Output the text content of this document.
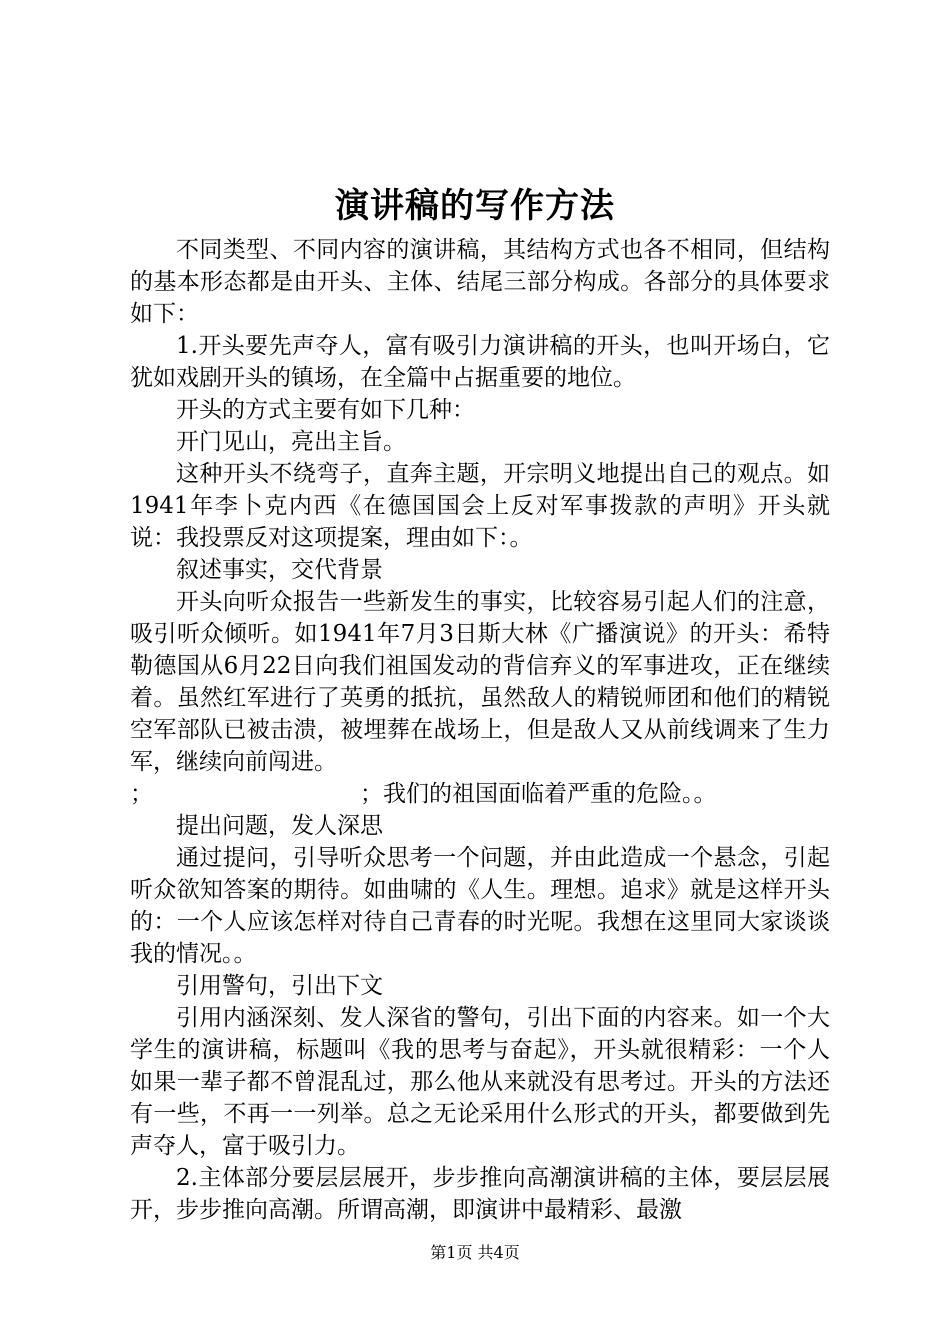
演讲稿的写作方法

不同类型、不同内容的演讲稿，其结构方式也各不相同，但结构的基本形态都是由开头、主体、结尾三部分构成。各部分的具体要求如下：

1.开头要先声夺人，富有吸引力演讲稿的开头，也叫开场白，它犹如戏剧开头的镇场，在全篇中占据重要的地位。

开头的方式主要有如下几种：

开门见山，亮出主旨。

这种开头不绕弯子，直奔主题，开宗明义地提出自己的观点。如1941年李卜克内西《在德国国会上反对军事拨款的声明》开头就说：我投票反对这项提案，理由如下：。

叙述事实，交代背景

开头向听众报告一些新发生的事实，比较容易引起人们的注意，吸引听众倾听。如1941年7月3日斯大林《广播演说》的开头：希特勒德国从6月22日向我们祖国发动的背信弃义的军事进攻，正在继续着。虽然红军进行了英勇的抵抗，虽然敌人的精锐师团和他们的精锐空军部队已被击溃，被埋葬在战场上，但是敌人又从前线调来了生力军，继续向前闯进。

；	；我们的祖国面临着严重的危险。。

提出问题，发人深思

通过提问，引导听众思考一个问题，并由此造成一个悬念，引起听众欲知答案的期待。如曲啸的《人生。理想。追求》就是这样开头的：一个人应该怎样对待自己青春的时光呢。我想在这里同大家谈谈我的情况。。

引用警句，引出下文

引用内涵深刻、发人深省的警句，引出下面的内容来。如一个大学生的演讲稿，标题叫《我的思考与奋起》，开头就很精彩：一个人如果一辈子都不曾混乱过，那么他从来就没有思考过。开头的方法还有一些，不再一一列举。总之无论采用什么形式的开头，都要做到先声夺人，富于吸引力。

2.主体部分要层层展开，步步推向高潮演讲稿的主体，要层层展开，步步推向高潮。所谓高潮，即演讲中最精彩、最激

第1页 共4页
